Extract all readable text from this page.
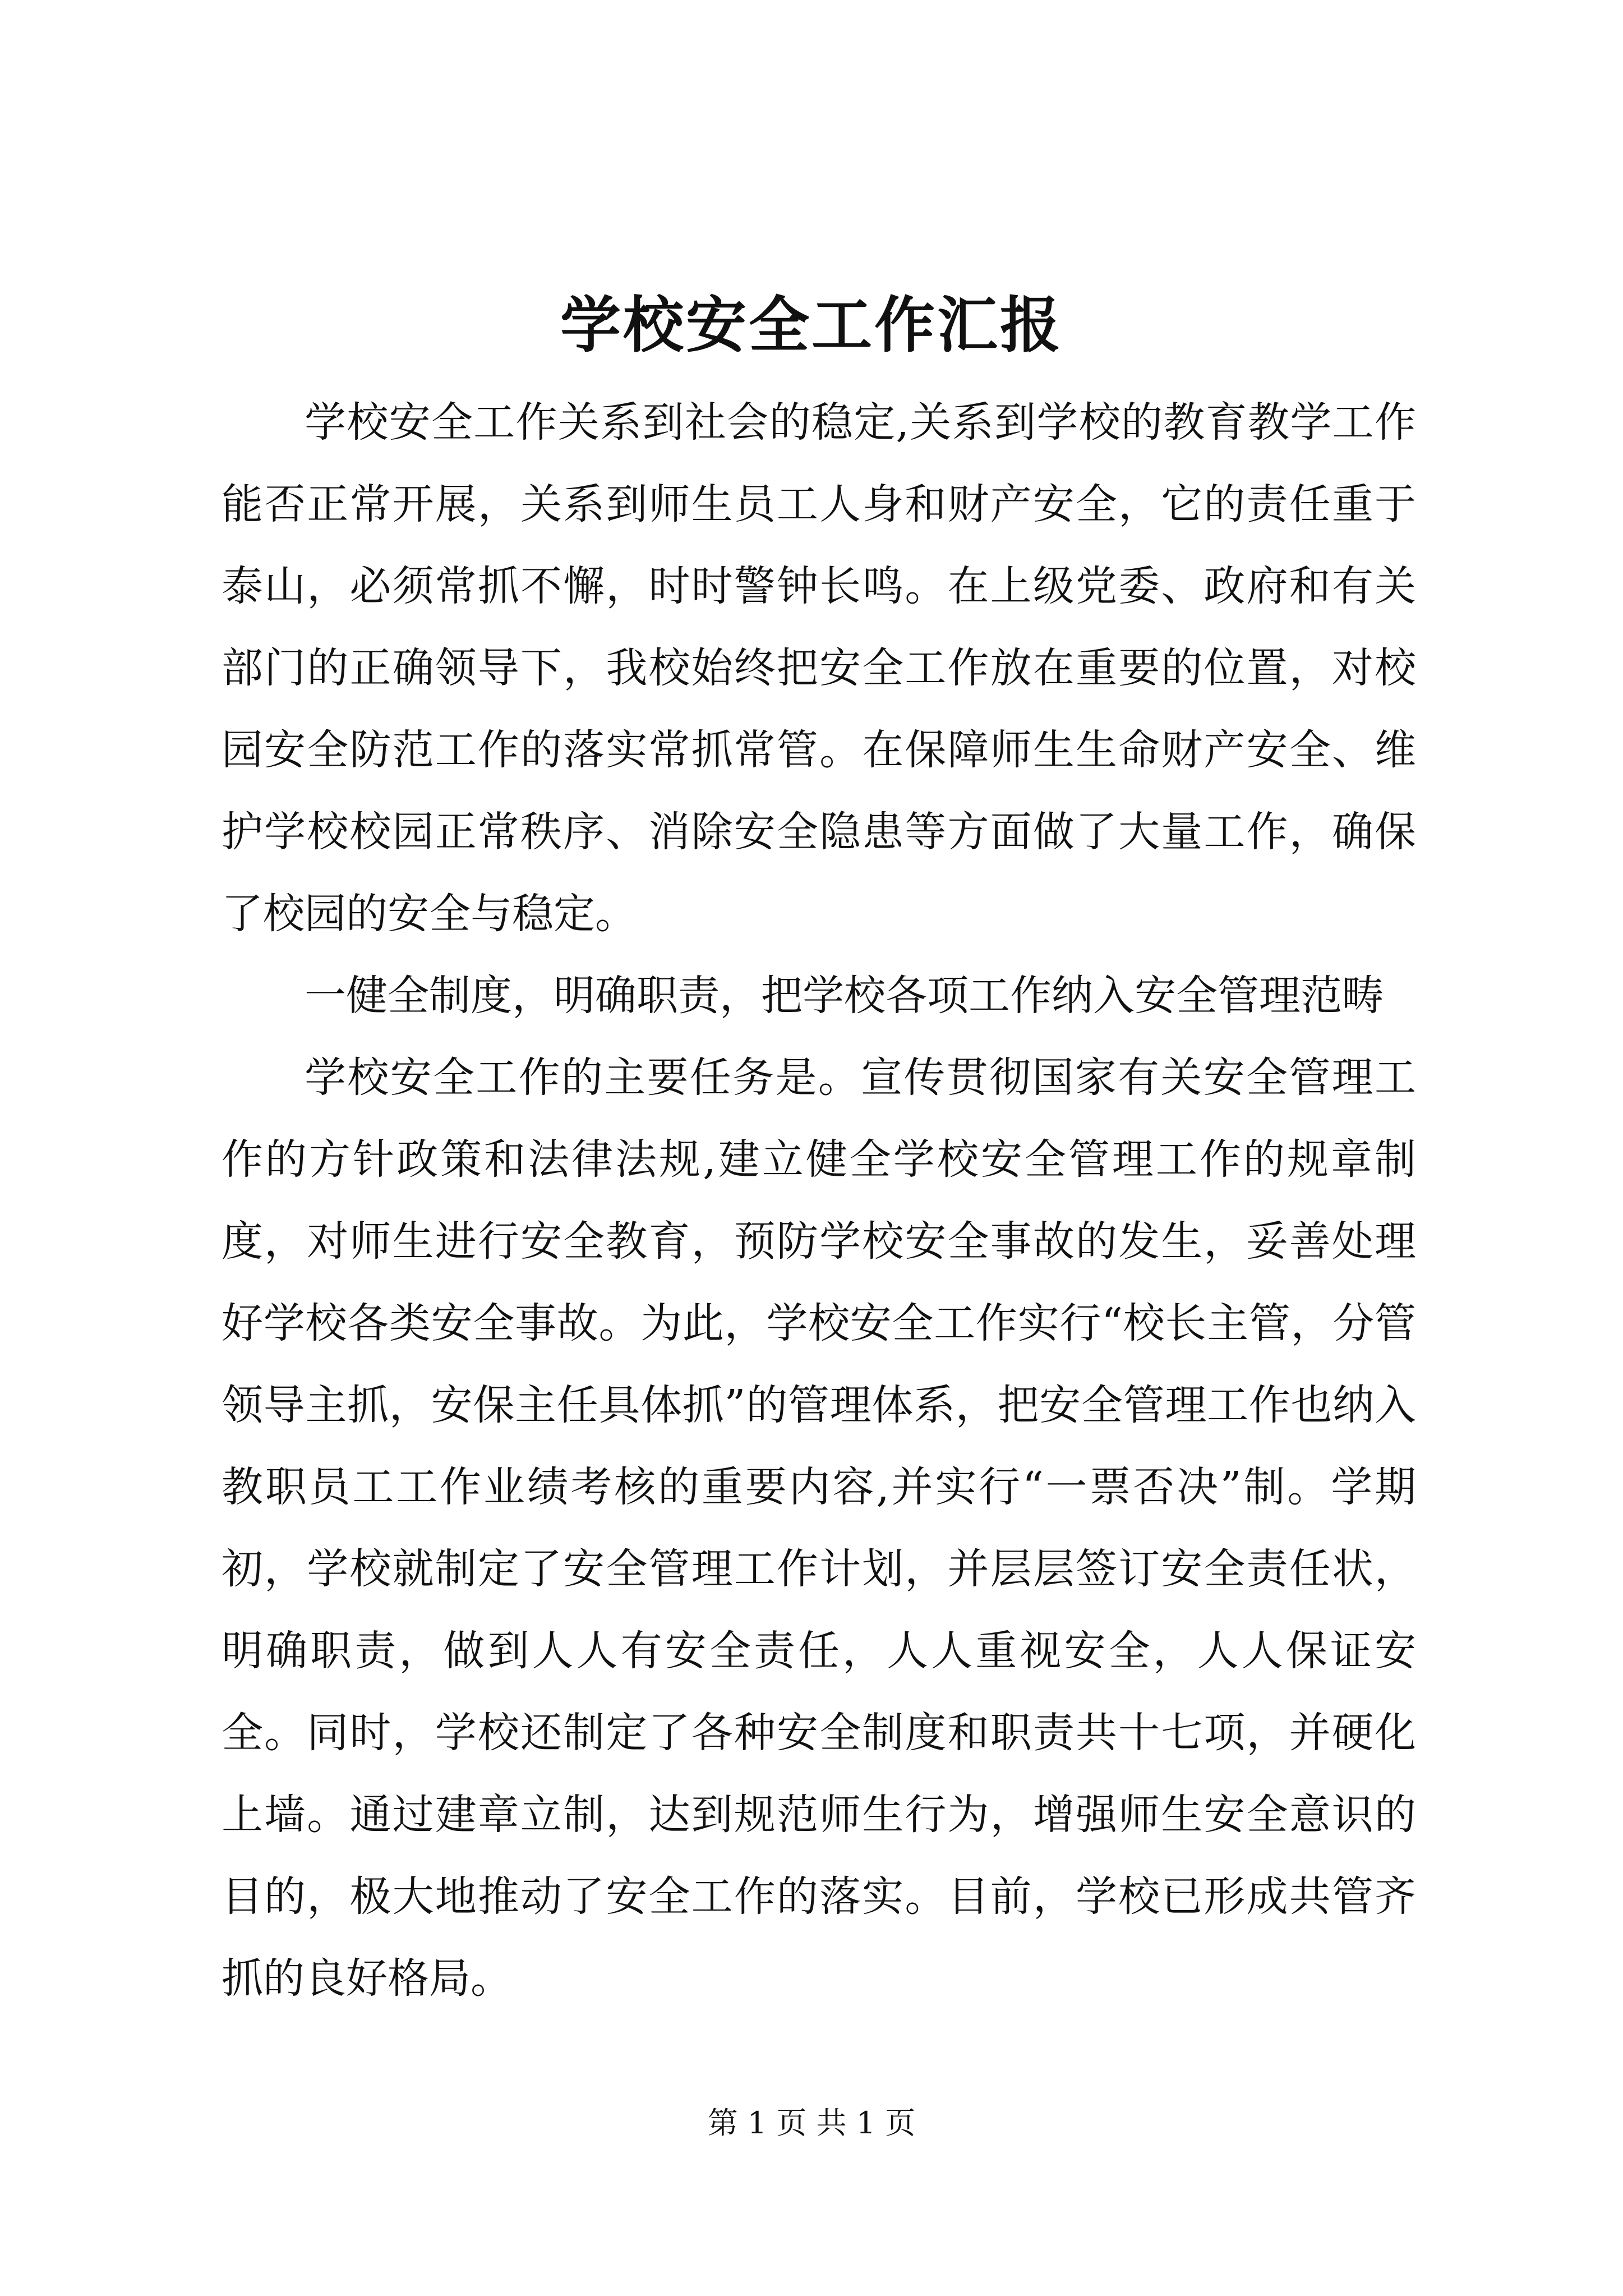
学校安全工作汇报

学校安全工作关系到社会的稳定,关系到学校的教育教学工作能否正常开展，关系到师生员工人身和财产安全，它的责任重于泰山，必须常抓不懈，时时警钟长鸣。在上级党委、政府和有关部门的正确领导下，我校始终把安全工作放在重要的位置，对校园安全防范工作的落实常抓常管。在保障师生生命财产安全、维护学校校园正常秩序、消除安全隐患等方面做了大量工作，确保了校园的安全与稳定。

一健全制度，明确职责，把学校各项工作纳入安全管理范畴

学校安全工作的主要任务是。宣传贯彻国家有关安全管理工作的方针政策和法律法规,建立健全学校安全管理工作的规章制度，对师生进行安全教育，预防学校安全事故的发生，妥善处理好学校各类安全事故。为此，学校安全工作实行“校长主管，分管领导主抓，安保主任具体抓”的管理体系，把安全管理工作也纳入教职员工工作业绩考核的重要内容,并实行“一票否决”制。学期初，学校就制定了安全管理工作计划，并层层签订安全责任状，明确职责，做到人人有安全责任，人人重视安全，人人保证安全。同时，学校还制定了各种安全制度和职责共十七项，并硬化上墙。通过建章立制，达到规范师生行为，增强师生安全意识的目的，极大地推动了安全工作的落实。目前，学校已形成共管齐抓的良好格局。

第 1 页 共 1 页
